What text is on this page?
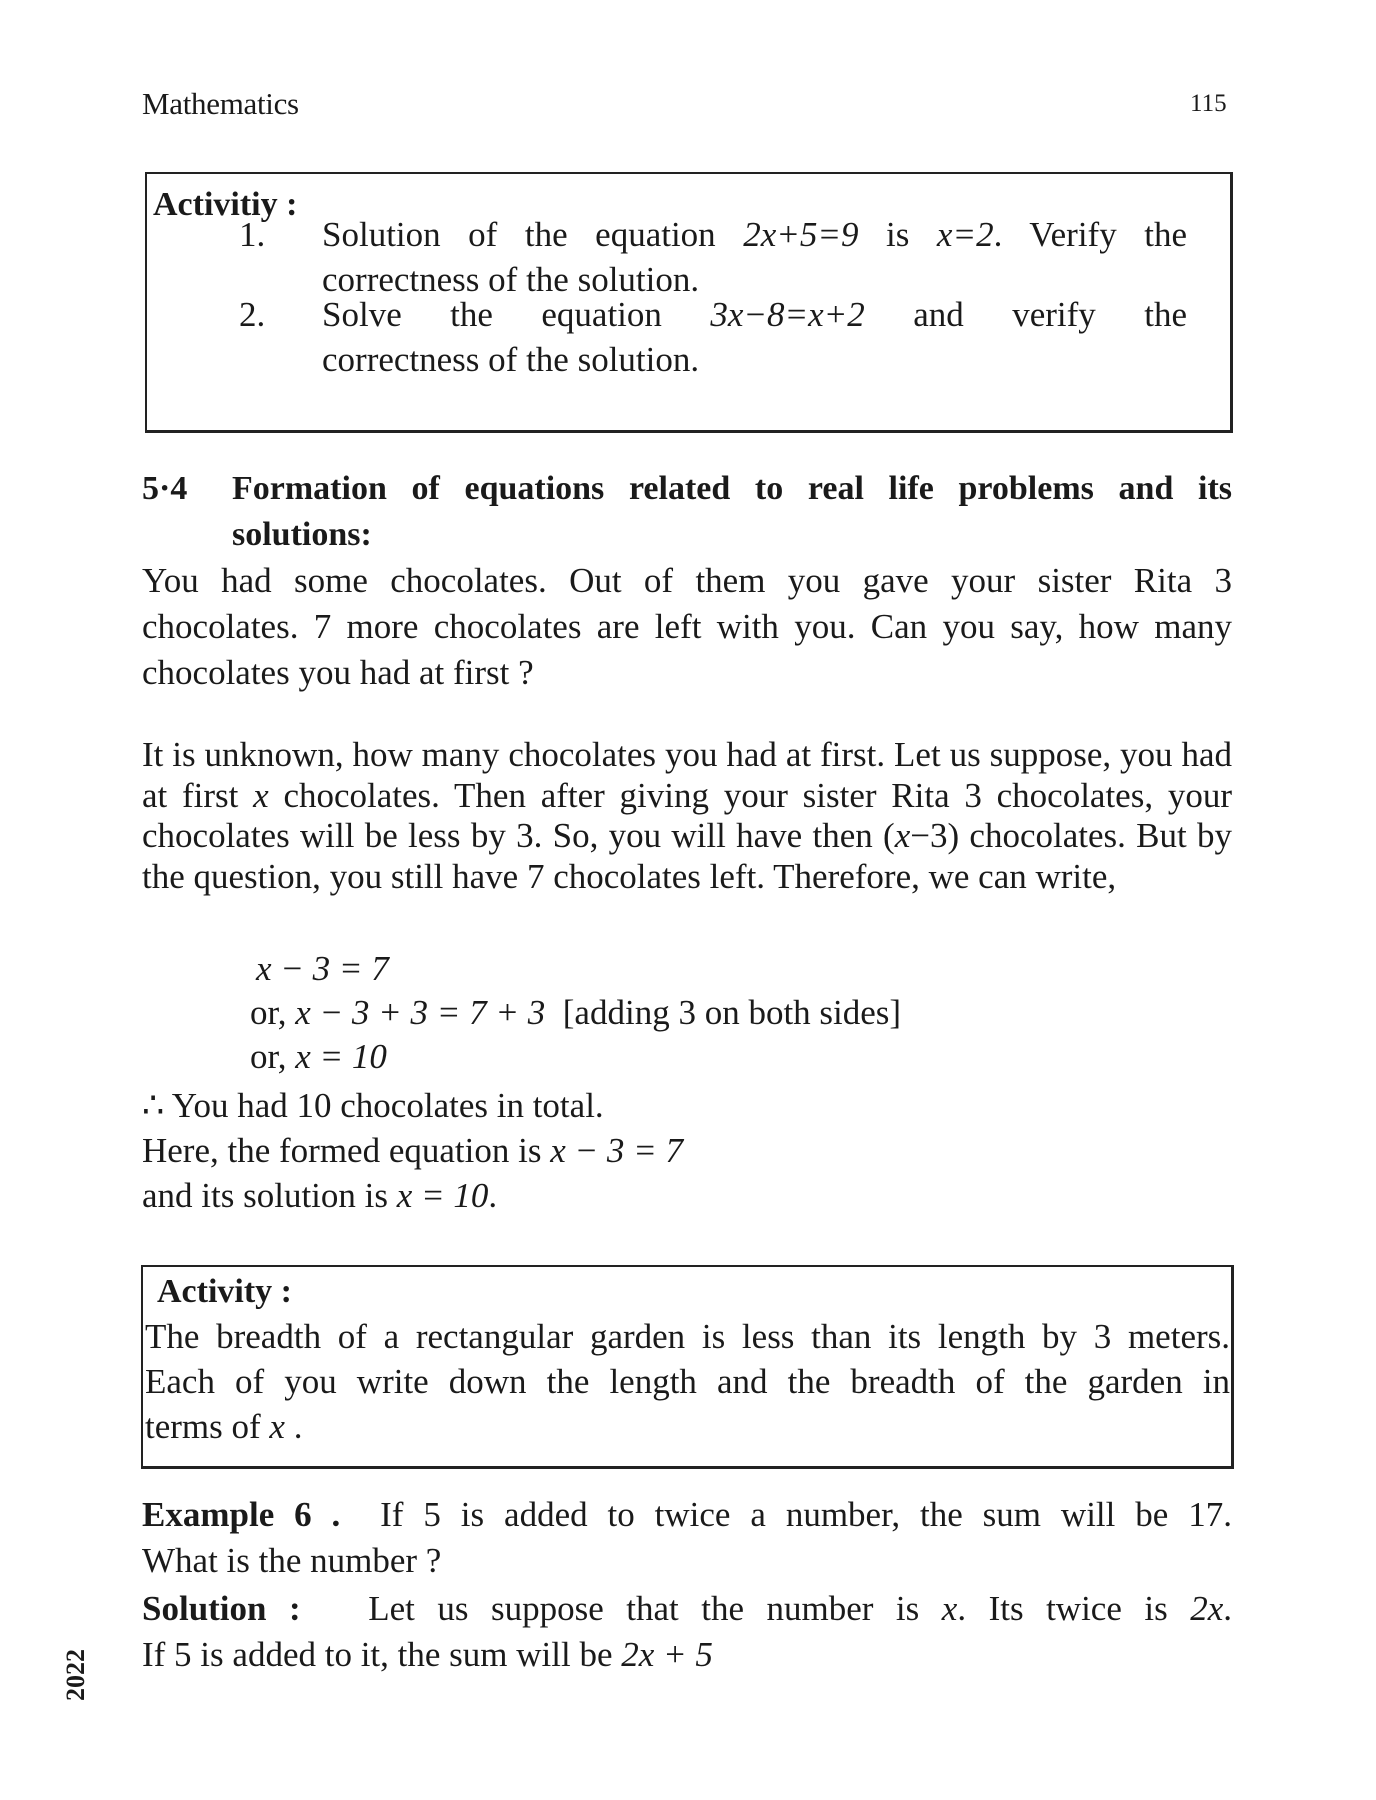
Mathematics	115
Activitiy :
1. Solution of the equation 2x+5=9 is x=2. Verify the
correctness of the solution.
2. Solve the equation 3x−8=x+2 and verify the
correctness of the solution.
5·4 Formation of equations related to real life problems and its solutions:
You had some chocolates. Out of them you gave your sister Rita 3 chocolates. 7 more chocolates are left with you. Can you say, how many chocolates you had at first ?
It is unknown, how many chocolates you had at first. Let us suppose, you had at first x chocolates. Then after giving your sister Rita 3 chocolates, your chocolates will be less by 3. So, you will have then (x−3) chocolates. But by the question, you still have 7 chocolates left. Therefore, we can write,
x − 3 = 7
or, x − 3 + 3 = 7 + 3 [adding 3 on both sides]
or, x = 10
∴ You had 10 chocolates in total.
Here, the formed equation is x − 3 = 7
and its solution is x = 10.
Activity :
The breadth of a rectangular garden is less than its length by 3 meters.
Each of you write down the length and the breadth of the garden in
terms of x .
Example 6 . If 5 is added to twice a number, the sum will be 17.
What is the number ?
Solution : Let us suppose that the number is x. Its twice is 2x.
If 5 is added to it, the sum will be 2x + 5
2022
